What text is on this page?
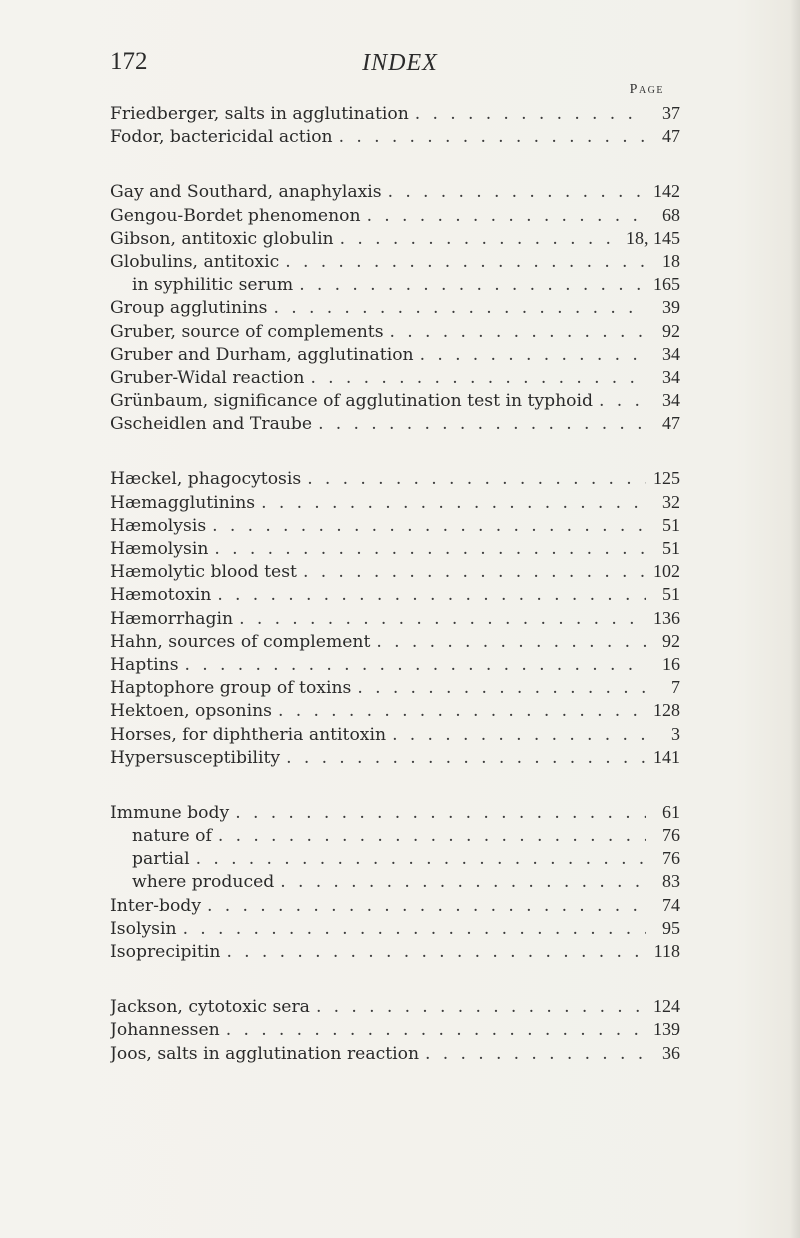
172	INDEX
Page
Friedberger, salts in agglutination . . .	37
Fodor, bactericidal action . . .	47
Gay and Southard, anaphylaxis . . .	142
Gengou-Bordet phenomenon . . .	68
Gibson, antitoxic globulin . . .	18, 145
Globulins, antitoxic . . .	18
in syphilitic serum . . .	165
Group agglutinins . . .	39
Gruber, source of complements . . .	92
Gruber and Durham, agglutination . . .	34
Gruber-Widal reaction . . .	34
Grünbaum, significance of agglutination test in typhoid . . .	34
Gscheidlen and Traube . . .	47
Hæckel, phagocytosis . . .	125
Hæmagglutinins . . .	32
Hæmolysis . . .	51
Hæmolysin . . .	51
Hæmolytic blood test . . .	102
Hæmotoxin . . .	51
Hæmorrhagin . . .	136
Hahn, sources of complement . . .	92
Haptins . . .	16
Haptophore group of toxins . . .	7
Hektoen, opsonins . . .	128
Horses, for diphtheria antitoxin . . .	3
Hypersusceptibility . . .	141
Immune body . . .	61
nature of . . .	76
partial . . .	76
where produced . . .	83
Inter-body . . .	74
Isolysin . . .	95
Isoprecipitin . . .	118
Jackson, cytotoxic sera . . .	124
Johannessen . . .	139
Joos, salts in agglutination reaction . . .	36
